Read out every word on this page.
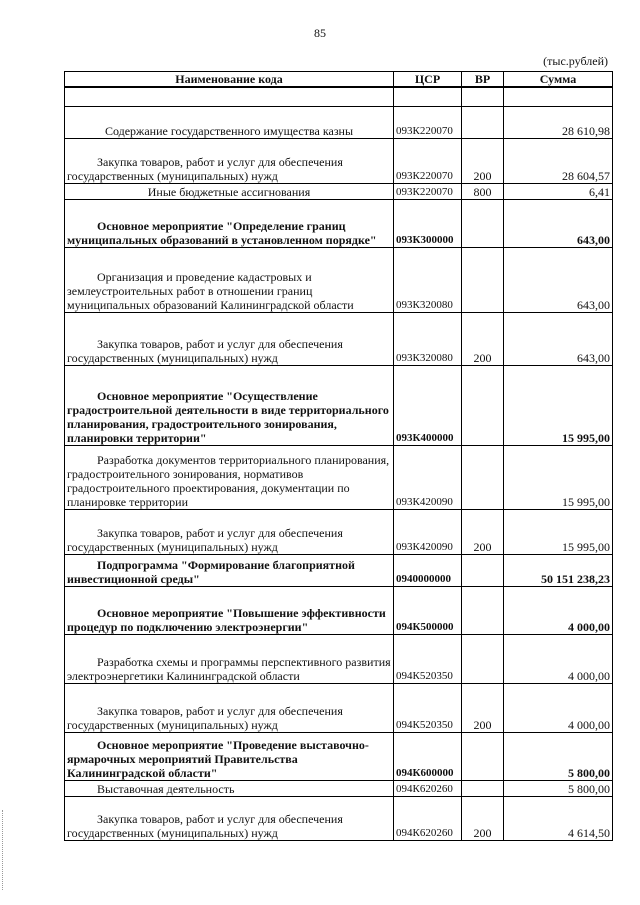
85
(тыс.рублей)
Наименование кода	ЦСР	ВР	Сумма

Содержание государственного имущества казны	093К220070		28 610,98
Закупка товаров, работ и услуг для обеспечения государственных (муниципальных) нужд	093К220070	200	28 604,57
Иные бюджетные ассигнования	093К220070	800	6,41
Основное мероприятие "Определение границ муниципальных образований в установленном порядке"	093К300000		643,00
Организация и проведение кадастровых и землеустроительных работ в отношении границ муниципальных образований Калининградской области	093К320080		643,00
Закупка товаров, работ и услуг для обеспечения государственных (муниципальных) нужд	093К320080	200	643,00
Основное мероприятие "Осуществление градостроительной деятельности в виде территориального планирования, градостроительного зонирования, планировки территории"	093К400000		15 995,00
Разработка документов территориального планирования, градостроительного зонирования, нормативов градостроительного проектирования, документации по планировке территории	093К420090		15 995,00
Закупка товаров, работ и услуг для обеспечения государственных (муниципальных) нужд	093К420090	200	15 995,00
Подпрограмма "Формирование благоприятной инвестиционной среды"	0940000000		50 151 238,23
Основное мероприятие "Повышение эффективности процедур по подключению электроэнергии"	094К500000		4 000,00
Разработка схемы и программы перспективного развития электроэнергетики Калининградской области	094К520350		4 000,00
Закупка товаров, работ и услуг для обеспечения государственных (муниципальных) нужд	094К520350	200	4 000,00
Основное мероприятие "Проведение выставочно-ярмарочных мероприятий Правительства Калининградской области"	094К600000		5 800,00
Выставочная деятельность	094К620260		5 800,00
Закупка товаров, работ и услуг для обеспечения государственных (муниципальных) нужд	094К620260	200	4 614,50
